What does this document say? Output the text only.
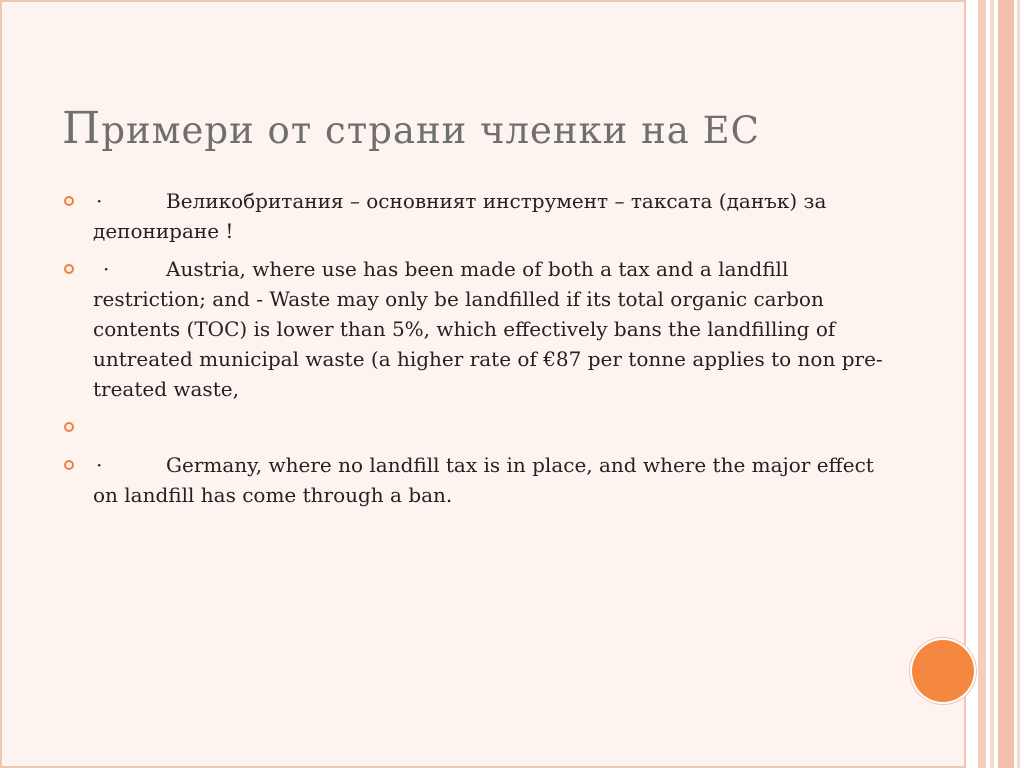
Примери от страни членки на ЕС
·	Великобритания – основният инструмент – таксата (данък) за депониране !
·	Austria, where use has been made of both a tax and a landfill restriction; and - Waste may only be landfilled if its total organic carbon contents (TOC) is lower than 5%, which effectively bans the landfilling of untreated municipal waste (a higher rate of €87 per tonne applies to non pre- treated waste,
·	Germany, where no landfill tax is in place, and where the major effect on landfill has come through a ban.
